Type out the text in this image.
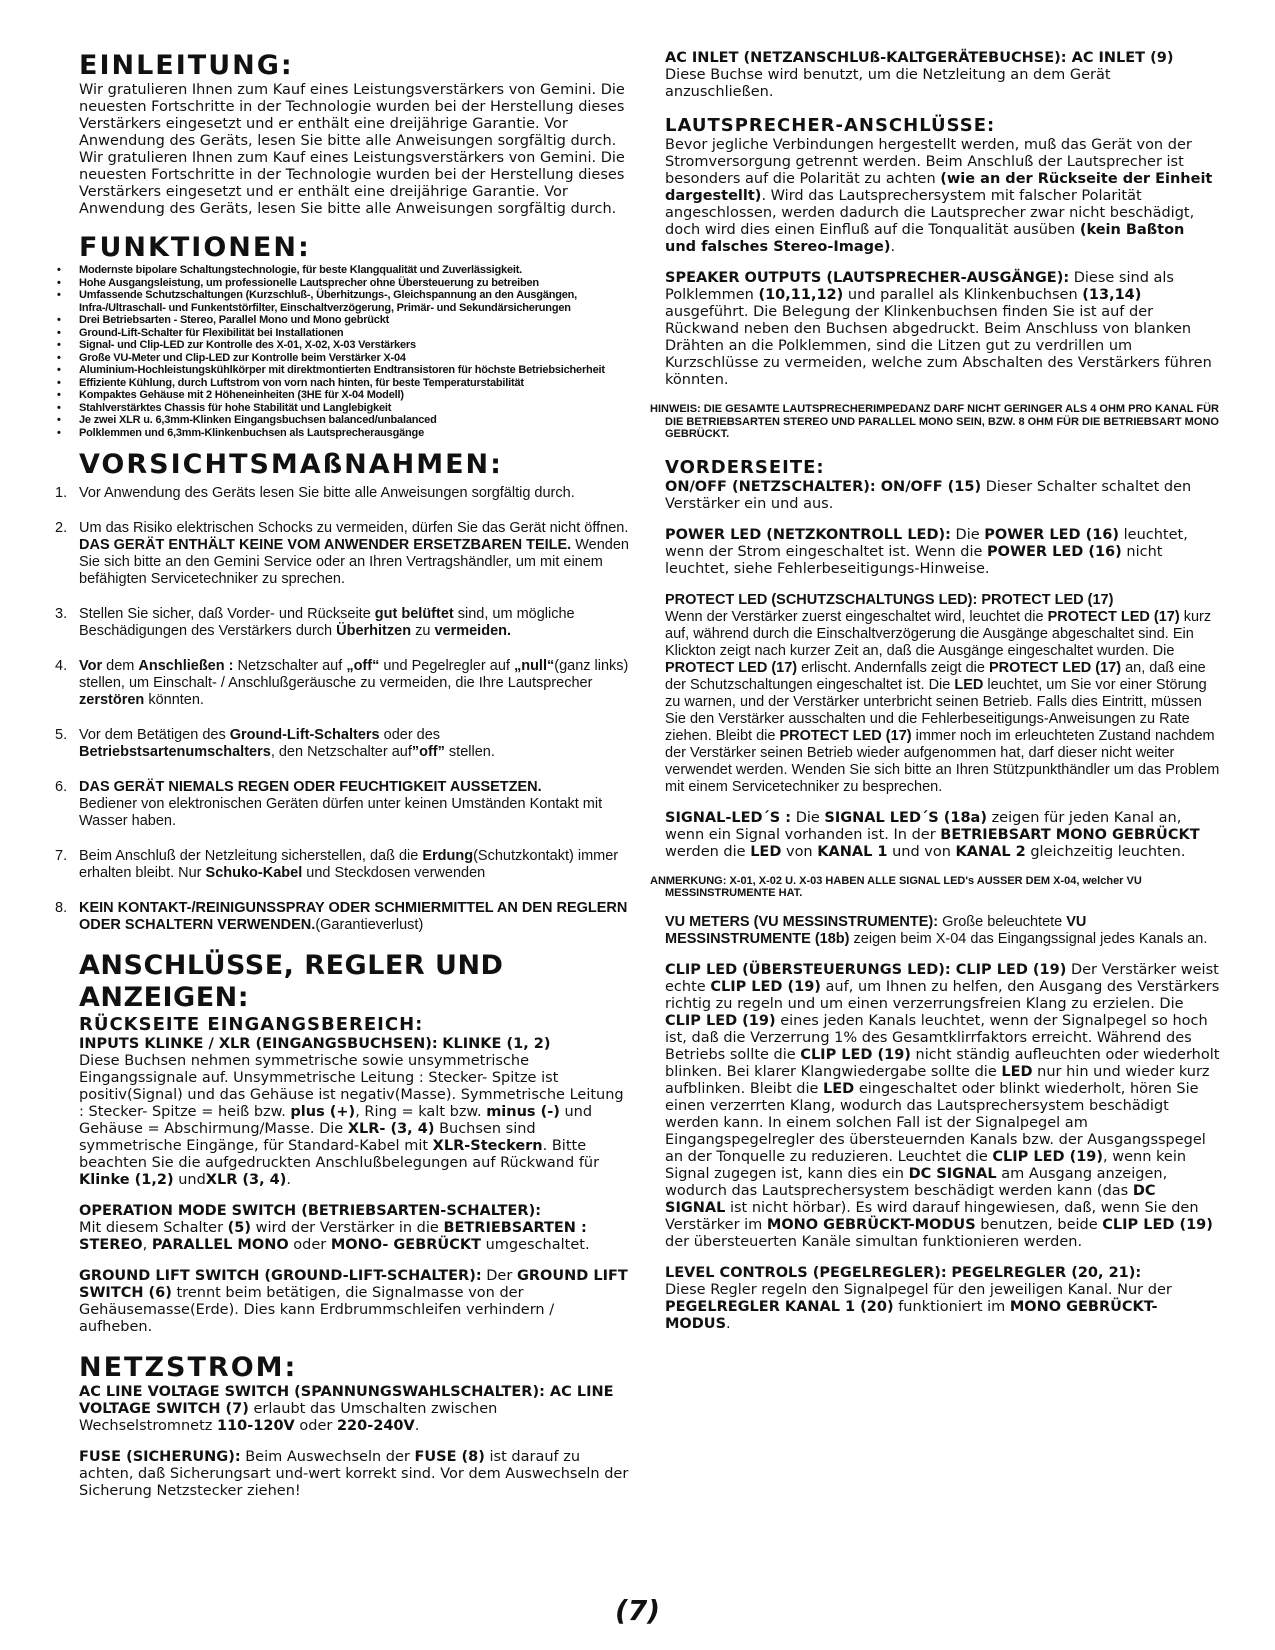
EINLEITUNG:

Wir gratulieren Ihnen zum Kauf eines Leistungsverstärkers von Gemini. Die neuesten Fortschritte in der Technologie wurden bei der Herstellung dieses Verstärkers eingesetzt und er enthält eine dreijährige Garantie. Vor Anwendung des Geräts, lesen Sie bitte alle Anweisungen sorgfältig durch. Wir gratulieren Ihnen zum Kauf eines Leistungsverstärkers von Gemini. Die neuesten Fortschritte in der Technologie wurden bei der Herstellung dieses Verstärkers eingesetzt und er enthält eine dreijährige Garantie. Vor Anwendung des Geräts, lesen Sie bitte alle Anweisungen sorgfältig durch.

FUNKTIONEN:
• Modernste bipolare Schaltungstechnologie, für beste Klangqualität und Zuverlässigkeit.
• Hohe Ausgangsleistung, um professionelle Lautsprecher ohne Übersteuerung zu betreiben
• Umfassende Schutzschaltungen (Kurzschluß-, Überhitzungs-, Gleichspannung an den Ausgängen, Infra-/Ultraschall- und Funkentstörfilter, Einschaltverzögerung, Primär- und Sekundärsicherungen
• Drei Betriebsarten - Stereo, Parallel Mono und Mono gebrückt
• Ground-Lift-Schalter für Flexibilität bei Installationen
• Signal- und Clip-LED zur Kontrolle des X-01, X-02, X-03 Verstärkers
• Große VU-Meter und Clip-LED zur Kontrolle beim Verstärker X-04
• Aluminium-Hochleistungskühlkörper mit direktmontierten Endtransistoren für höchste Betriebsicherheit
• Effiziente Kühlung, durch Luftstrom von vorn nach hinten, für beste Temperaturstabilität
• Kompaktes Gehäuse mit 2 Höheneinheiten (3HE für X-04 Modell)
• Stahlverstärktes Chassis für hohe Stabilität und Langlebigkeit
• Je zwei XLR u. 6,3mm-Klinken Eingangsbuchsen balanced/unbalanced
• Polklemmen und 6,3mm-Klinkenbuchsen als Lautsprecherausgänge
VORSICHTSMAßNAHMEN:
1. Vor Anwendung des Geräts lesen Sie bitte alle Anweisungen sorgfältig durch.
2. Um das Risiko elektrischen Schocks zu vermeiden, dürfen Sie das Gerät nicht öffnen. DAS GERÄT ENTHÄLT KEINE VOM ANWENDER ERSETZBAREN TEILE. Wenden Sie sich bitte an den Gemini Service oder an Ihren Vertragshändler, um mit einem befähigten Servicetechniker zu sprechen.
3. Stellen Sie sicher, daß Vorder- und Rückseite gut belüftet sind, um mögliche Beschädigungen des Verstärkers durch Überhitzen zu vermeiden.
4. Vor dem Anschließen : Netzschalter auf „off“ und Pegelregler auf „null“(ganz links) stellen, um Einschalt- / Anschlußgeräusche zu vermeiden, die Ihre Lautsprecher zerstören könnten.
5. Vor dem Betätigen des Ground-Lift-Schalters oder des Betriebstsartenumschalters, den Netzschalter auf”off” stellen.
6. DAS GERÄT NIEMALS REGEN ODER FEUCHTIGKEIT AUSSETZEN.
Bediener von elektronischen Geräten dürfen unter keinen Umständen Kontakt mit Wasser haben.
7. Beim Anschluß der Netzleitung sicherstellen, daß die Erdung(Schutzkontakt) immer erhalten bleibt. Nur Schuko-Kabel und Steckdosen verwenden
8. KEIN KONTAKT-/REINIGUNSSPRAY ODER SCHMIERMITTEL AN DEN REGLERN ODER SCHALTERN VERWENDEN.(Garantieverlust)
ANSCHLÜSSE, REGLER UND ANZEIGEN:
RÜCKSEITE EINGANGSBEREICH:

INPUTS KLINKE / XLR (EINGANGSBUCHSEN): KLINKE (1, 2)
Diese Buchsen nehmen symmetrische sowie unsymmetrische Eingangssignale auf. Unsymmetrische Leitung : Stecker- Spitze ist positiv(Signal) und das Gehäuse ist negativ(Masse). Symmetrische Leitung : Stecker- Spitze = heiß bzw. plus (+), Ring = kalt bzw. minus (-) und Gehäuse = Abschirmung/Masse. Die XLR- (3, 4) Buchsen sind symmetrische Eingänge, für Standard-Kabel mit XLR-Steckern. Bitte beachten Sie die aufgedruckten Anschlußbelegungen auf Rückwand für Klinke (1,2) undXLR (3, 4).

OPERATION MODE SWITCH (BETRIEBSARTEN-SCHALTER):
Mit diesem Schalter (5) wird der Verstärker in die BETRIEBSARTEN : STEREO, PARALLEL MONO oder MONO- GEBRÜCKT umgeschaltet.

GROUND LIFT SWITCH (GROUND-LIFT-SCHALTER): Der GROUND LIFT SWITCH (6) trennt beim betätigen, die Signalmasse von der Gehäusemasse(Erde). Dies kann Erdbrummschleifen verhindern / aufheben.

NETZSTROM:

AC LINE VOLTAGE SWITCH (SPANNUNGSWAHLSCHALTER): AC LINE VOLTAGE SWITCH (7) erlaubt das Umschalten zwischen Wechselstromnetz 110-120V oder 220-240V.

FUSE (SICHERUNG): Beim Auswechseln der FUSE (8) ist darauf zu achten, daß Sicherungsart und-wert korrekt sind. Vor dem Auswechseln der Sicherung Netzstecker ziehen!

AC INLET (NETZANSCHLUß-KALTGERÄTEBUCHSE): AC INLET (9)
Diese Buchse wird benutzt, um die Netzleitung an dem Gerät anzuschließen.

LAUTSPRECHER-ANSCHLÜSSE:

Bevor jegliche Verbindungen hergestellt werden, muß das Gerät von der Stromversorgung getrennt werden. Beim Anschluß der Lautsprecher ist besonders auf die Polarität zu achten (wie an der Rückseite der Einheit dargestellt). Wird das Lautsprechersystem mit falscher Polarität angeschlossen, werden dadurch die Lautsprecher zwar nicht beschädigt, doch wird dies einen Einfluß auf die Tonqualität ausüben (kein Baßton und falsches Stereo-Image).

SPEAKER OUTPUTS (LAUTSPRECHER-AUSGÄNGE): Diese sind als Polklemmen (10,11,12) und parallel als Klinkenbuchsen (13,14) ausgeführt. Die Belegung der Klinkenbuchsen finden Sie ist auf der Rückwand neben den Buchsen abgedruckt. Beim Anschluss von blanken Drähten an die Polklemmen, sind die Litzen gut zu verdrillen um Kurzschlüsse zu vermeiden, welche zum Abschalten des Verstärkers führen könnten.

HINWEIS: DIE GESAMTE LAUTSPRECHERIMPEDANZ DARF NICHT GERINGER ALS 4 OHM PRO KANAL FÜR DIE BETRIEBSARTEN STEREO UND PARALLEL MONO SEIN, BZW. 8 OHM FÜR DIE BETRIEBSART MONO GEBRÜCKT.

VORDERSEITE:

ON/OFF (NETZSCHALTER): ON/OFF (15) Dieser Schalter schaltet den Verstärker ein und aus.

POWER LED (NETZKONTROLL LED): Die POWER LED (16) leuchtet, wenn der Strom eingeschaltet ist. Wenn die POWER LED (16) nicht leuchtet, siehe Fehlerbeseitigungs-Hinweise.

PROTECT LED (SCHUTZSCHALTUNGS LED): PROTECT LED (17)
Wenn der Verstärker zuerst eingeschaltet wird, leuchtet die PROTECT LED (17) kurz auf, während durch die Einschaltverzögerung die Ausgänge abgeschaltet sind. Ein Klickton zeigt nach kurzer Zeit an, daß die Ausgänge eingeschaltet wurden. Die PROTECT LED (17) erlischt. Andernfalls zeigt die PROTECT LED (17) an, daß eine der Schutzschaltungen eingeschaltet ist. Die LED leuchtet, um Sie vor einer Störung zu warnen, und der Verstärker unterbricht seinen Betrieb. Falls dies Eintritt, müssen Sie den Verstärker ausschalten und die Fehlerbeseitigungs-Anweisungen zu Rate ziehen. Bleibt die PROTECT LED (17) immer noch im erleuchteten Zustand nachdem der Verstärker seinen Betrieb wieder aufgenommen hat, darf dieser nicht weiter verwendet werden. Wenden Sie sich bitte an Ihren Stützpunkthändler um das Problem mit einem Servicetechniker zu besprechen.

SIGNAL-LED´S : Die SIGNAL LED´S (18a) zeigen für jeden Kanal an, wenn ein Signal vorhanden ist. In der BETRIEBSART MONO GEBRÜCKT werden die LED von KANAL 1 und von KANAL 2 gleichzeitig leuchten.

ANMERKUNG: X-01, X-02 U. X-03 HABEN ALLE SIGNAL LED's AUSSER DEM X-04, welcher VU MESSINSTRUMENTE HAT.

VU METERS (VU MESSINSTRUMENTE): Große beleuchtete VU MESSINSTRUMENTE (18b) zeigen beim X-04 das Eingangssignal jedes Kanals an.

CLIP LED (ÜBERSTEUERUNGS LED): CLIP LED (19) Der Verstärker weist echte CLIP LED (19) auf, um Ihnen zu helfen, den Ausgang des Verstärkers richtig zu regeln und um einen verzerrungsfreien Klang zu erzielen. Die CLIP LED (19) eines jeden Kanals leuchtet, wenn der Signalpegel so hoch ist, daß die Verzerrung 1% des Gesamtklirrfaktors erreicht. Während des Betriebs sollte die CLIP LED (19) nicht ständig aufleuchten oder wiederholt blinken. Bei klarer Klangwiedergabe sollte die LED nur hin und wieder kurz aufblinken. Bleibt die LED eingeschaltet oder blinkt wiederholt, hören Sie einen verzerrten Klang, wodurch das Lautsprechersystem beschädigt werden kann. In einem solchen Fall ist der Signalpegel am Eingangspegelregler des übersteuernden Kanals bzw. der Ausgangsspegel an der Tonquelle zu reduzieren. Leuchtet die CLIP LED (19), wenn kein Signal zugegen ist, kann dies ein DC SIGNAL am Ausgang anzeigen, wodurch das Lautsprechersystem beschädigt werden kann (das DC SIGNAL ist nicht hörbar). Es wird darauf hingewiesen, daß, wenn Sie den Verstärker im MONO GEBRÜCKT-MODUS benutzen, beide CLIP LED (19) der übersteuerten Kanäle simultan funktionieren werden.

LEVEL CONTROLS (PEGELREGLER): PEGELREGLER (20, 21):
Diese Regler regeln den Signalpegel für den jeweiligen Kanal. Nur der PEGELREGLER KANAL 1 (20) funktioniert im MONO GEBRÜCKT-MODUS.

(7)
